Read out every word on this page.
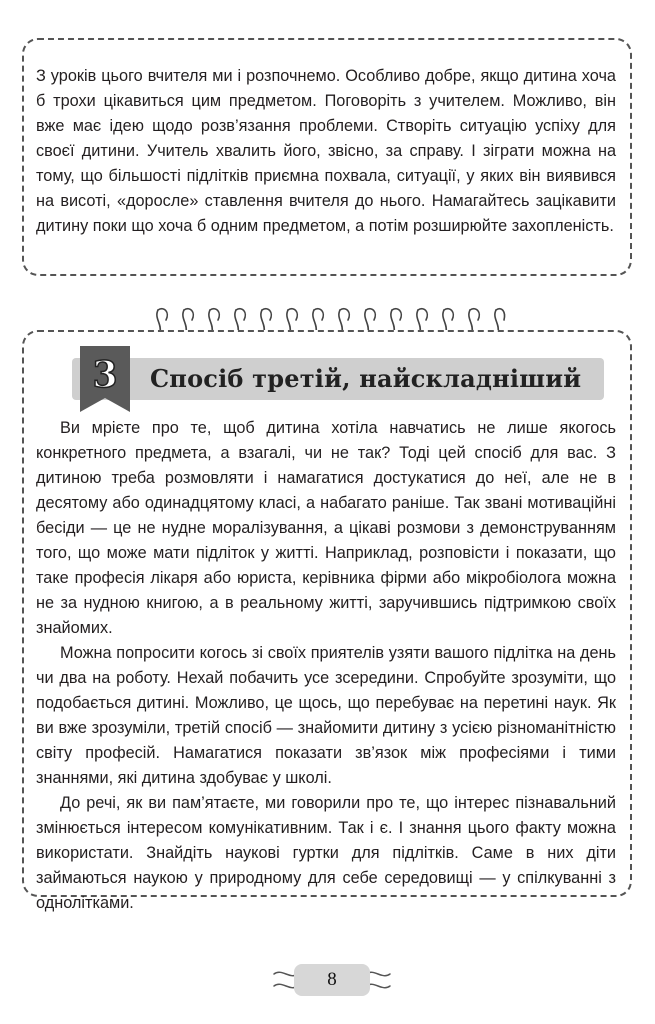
З уроків цього вчителя ми і розпочнемо. Особливо добре, якщо дитина хоча б трохи цікавиться цим предметом. Поговоріть з учителем. Можливо, він вже має ідею щодо розв’язання проблеми. Створіть ситуацію успіху для своєї дитини. Учитель хвалить його, звісно, за справу. І зіграти можна на тому, що більшості підлітків приємна похвала, ситуації, у яких він виявився на висоті, «доросле» ставлення вчителя до нього. Намагайтесь зацікавити дитину поки що хоча б одним предметом, а потім розширюйте захопленість.

Ви мрієте про те, щоб дитина хотіла навчатись не лише якогось конкретного предмета, а взагалі, чи не так? Тоді цей спосіб для вас. З дитиною треба розмовляти і намагатися достукатися до неї, але не в десятому або одинадцятому класі, а набагато раніше. Так звані мотиваційні бесіди — це не нудне моралізування, а цікаві розмови з демонструванням того, що може мати підліток у житті. Наприклад, розповісти і показати, що таке професія лікаря або юриста, керівника фірми або мікробіолога можна не за нудною книгою, а в реальному житті, заручившись підтримкою своїх знайомих.

Можна попросити когось зі своїх приятелів узяти вашого підлітка на день чи два на роботу. Нехай побачить усе зсередини. Спробуйте зрозуміти, що подобається дитині. Можливо, це щось, що перебуває на перетині наук. Як ви вже зрозуміли, третій спосіб — знайомити дитину з усією різноманітністю світу професій. Намагатися показати зв’язок між професіями і тими знаннями, які дитина здобуває у школі.

До речі, як ви пам’ятаєте, ми говорили про те, що інтерес пізнавальний змінюється інтересом комунікативним. Так і є. І знання цього факту можна використати. Знайдіть наукові гуртки для підлітків. Саме в них діти займаються наукою у природному для себе середовищі — у спілкуванні з однолітками.

3	Спосіб третій, найскладніший
8
